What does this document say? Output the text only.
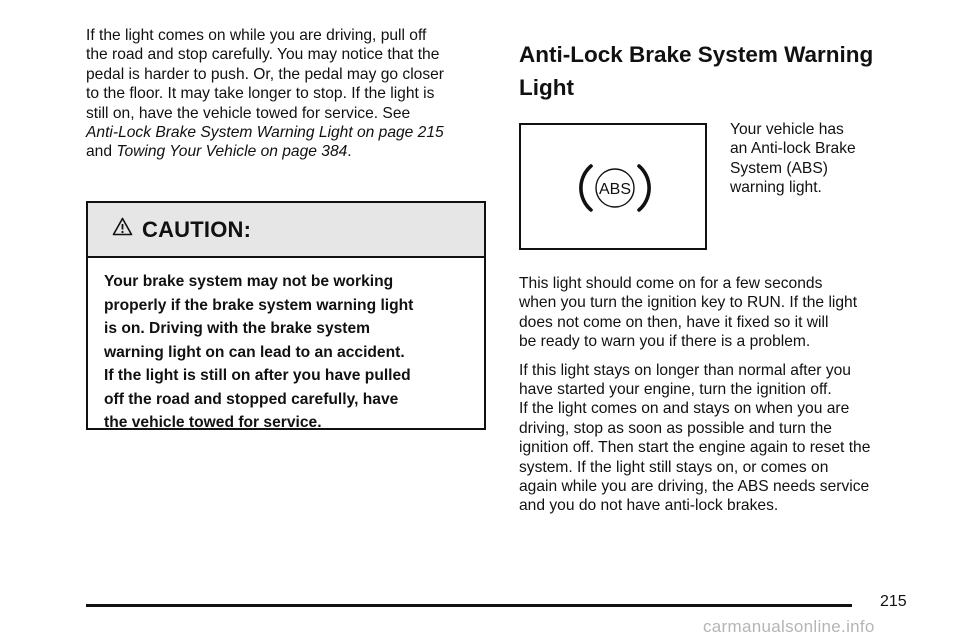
If the light comes on while you are driving, pull off
the road and stop carefully. You may notice that the
pedal is harder to push. Or, the pedal may go closer
to the floor. It may take longer to stop. If the light is
still on, have the vehicle towed for service. See
Anti-Lock Brake System Warning Light on page 215
and Towing Your Vehicle on page 384.

CAUTION:
Your brake system may not be working
properly if the brake system warning light
is on. Driving with the brake system
warning light on can lead to an accident.
If the light is still on after you have pulled
off the road and stopped carefully, have
the vehicle towed for service.
Anti-Lock Brake System Warning
Light
ABS
Your vehicle has
an Anti-lock Brake
System (ABS)
warning light.

This light should come on for a few seconds
when you turn the ignition key to RUN. If the light
does not come on then, have it fixed so it will
be ready to warn you if there is a problem.

If this light stays on longer than normal after you
have started your engine, turn the ignition off.
If the light comes on and stays on when you are
driving, stop as soon as possible and turn the
ignition off. Then start the engine again to reset the
system. If the light still stays on, or comes on
again while you are driving, the ABS needs service
and you do not have anti-lock brakes.

215
carmanualsonline.info
